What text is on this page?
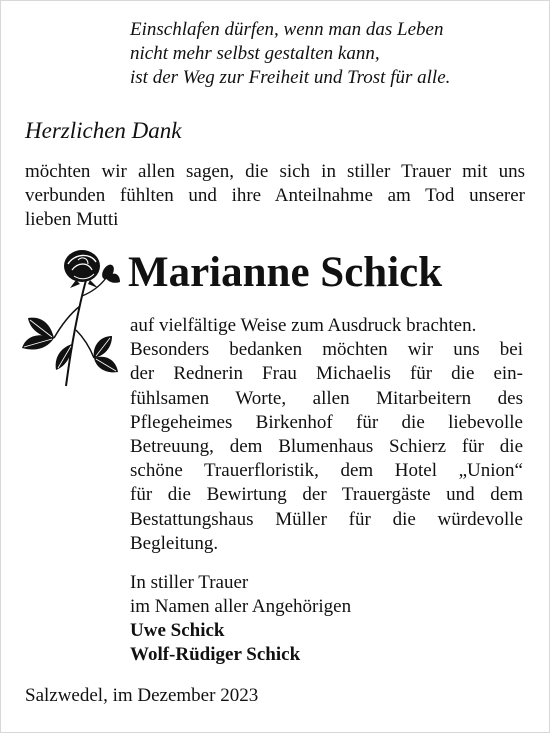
Einschlafen dürfen, wenn man das Leben
nicht mehr selbst gestalten kann,
ist der Weg zur Freiheit und Trost für alle.
Herzlichen Dank
möchten wir allen sagen, die sich in stiller Trauer mit uns
verbunden fühlten und ihre Anteilnahme am Tod unserer
lieben Mutti
Marianne Schick
auf vielfältige Weise zum Ausdruck brachten.
Besonders bedanken möchten wir uns bei
der Rednerin Frau Michaelis für die ein-
fühlsamen Worte, allen Mitarbeitern des
Pflegeheimes Birkenhof für die liebevolle
Betreuung, dem Blumenhaus Schierz für die
schöne Trauerfloristik, dem Hotel „Union“
für die Bewirtung der Trauergäste und dem
Bestattungshaus Müller für die würdevolle
Begleitung.
In stiller Trauer
im Namen aller Angehörigen
Uwe Schick
Wolf-Rüdiger Schick
Salzwedel, im Dezember 2023
